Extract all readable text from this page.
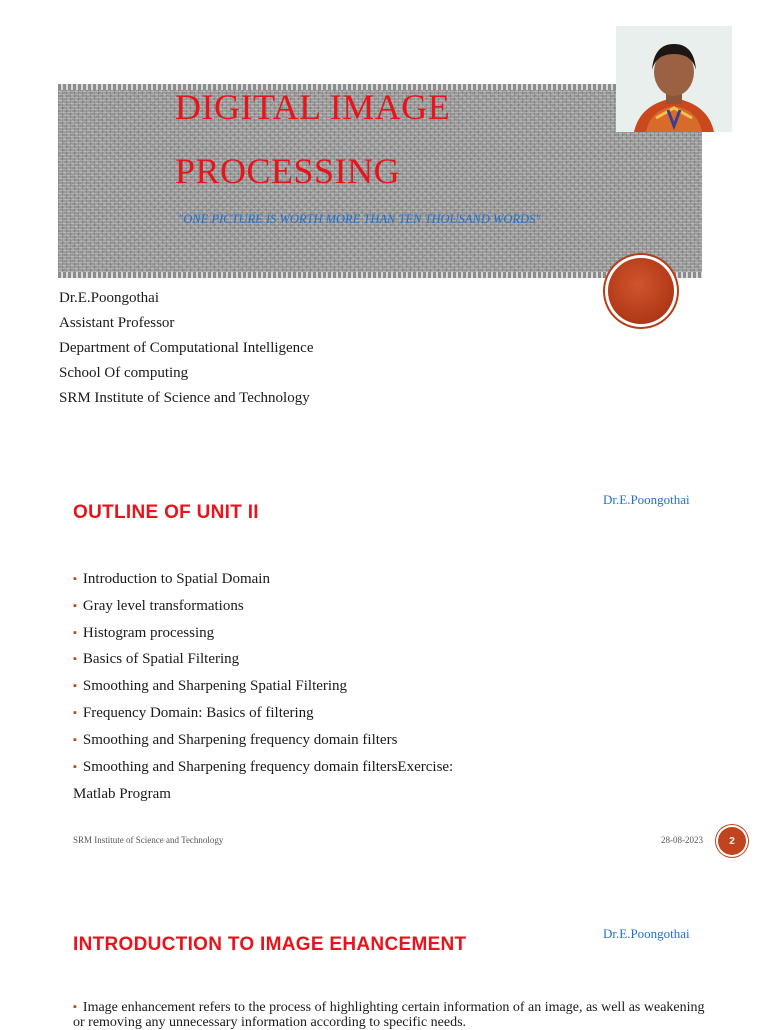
DIGITAL IMAGE
PROCESSING
"ONE PICTURE IS WORTH MORE THAN TEN THOUSAND WORDS"
Dr.E.Poongothai
Assistant Professor
Department of Computational Intelligence
School Of computing
SRM Institute of Science and Technology
Dr.E.Poongothai
OUTLINE OF UNIT II
▪ Introduction to Spatial Domain
▪ Gray level transformations
▪ Histogram processing
▪ Basics of Spatial Filtering
▪ Smoothing and Sharpening Spatial Filtering
▪ Frequency Domain: Basics of filtering
▪ Smoothing and Sharpening frequency domain filters
▪ Smoothing and Sharpening frequency domain filtersExercise:
Matlab Program
SRM Institute of Science and Technology	28-08-2023	2
Dr.E.Poongothai
INTRODUCTION TO IMAGE EHANCEMENT
▪ Image enhancement refers to the process of highlighting certain information of an image, as well as weakening or removing any unnecessary information according to specific needs.
